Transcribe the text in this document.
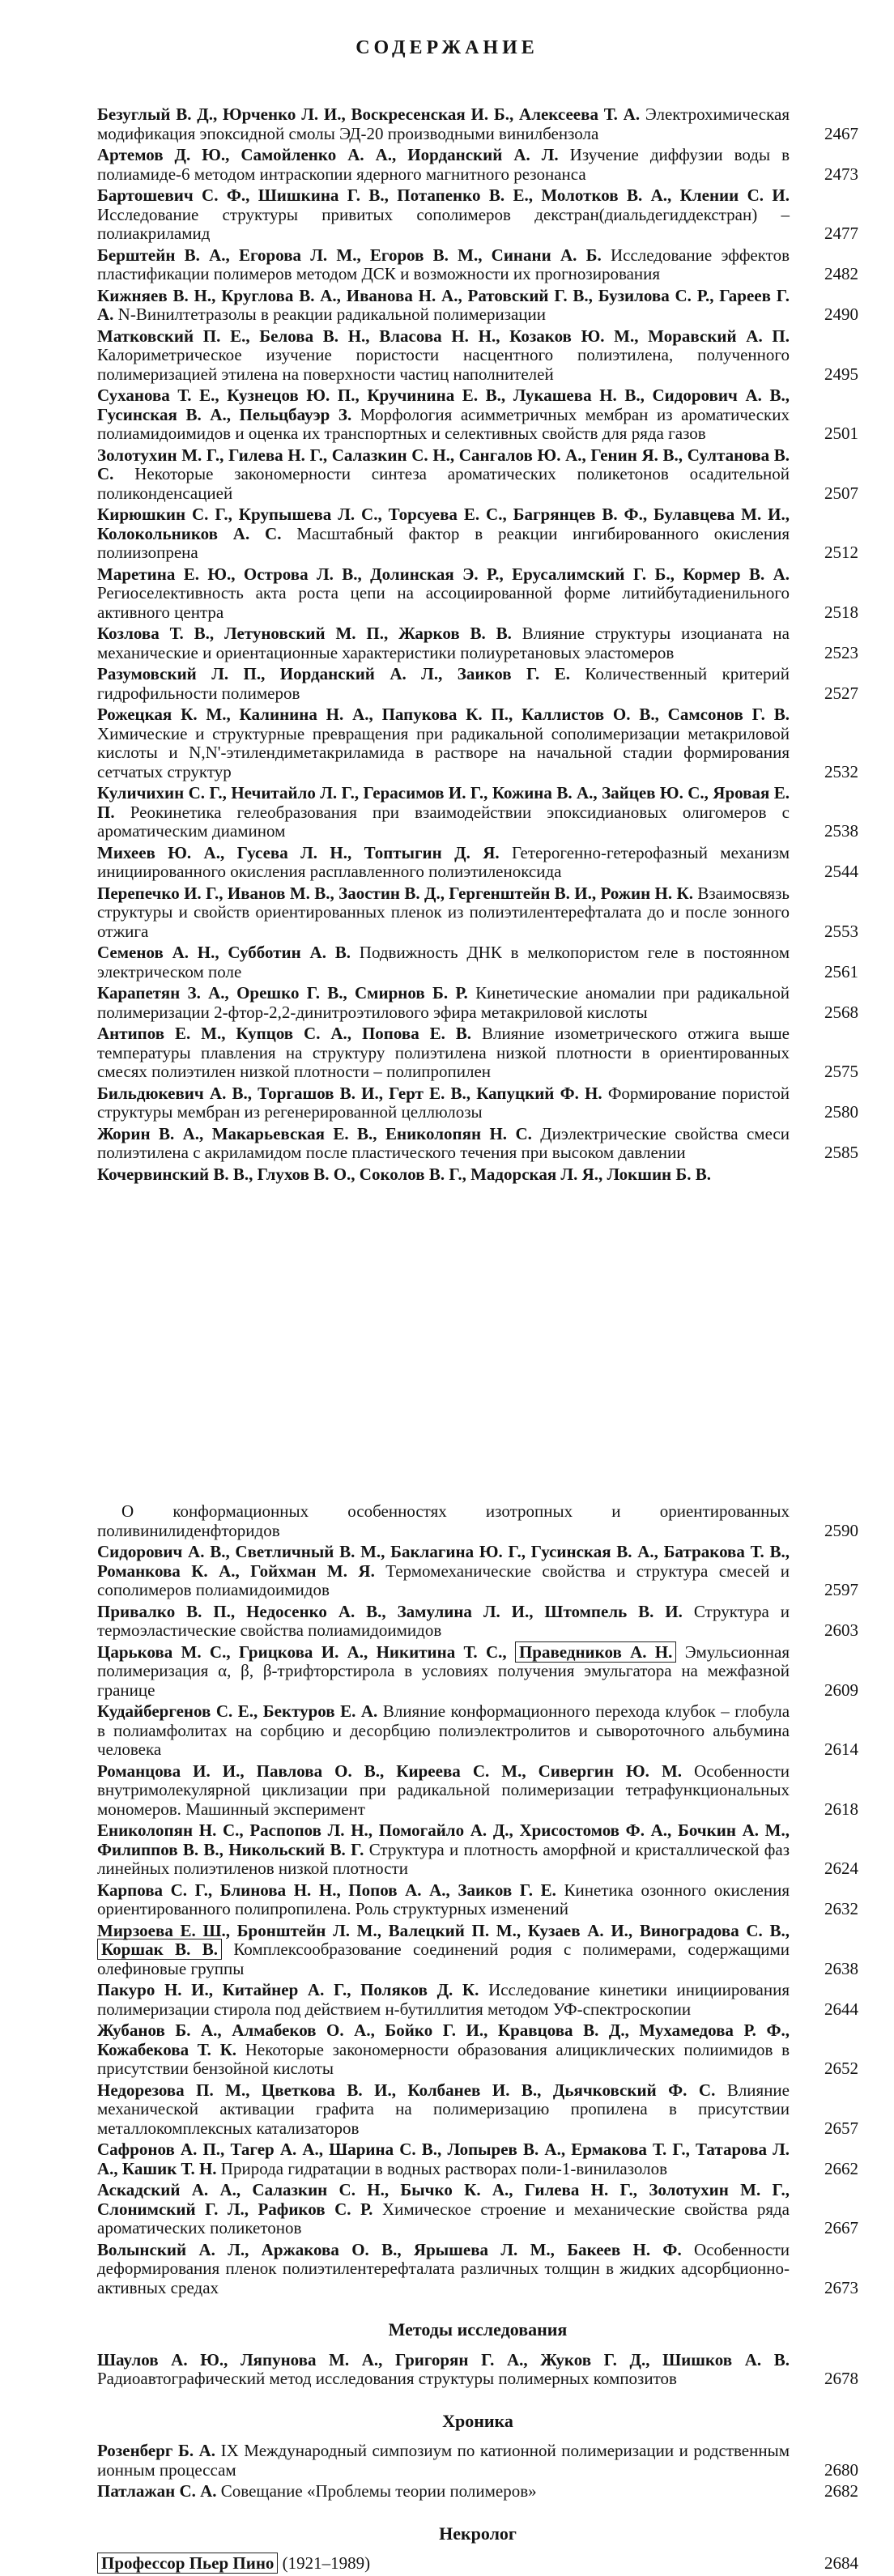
СОДЕРЖАНИЕ
Безуглый В. Д., Юрченко Л. И., Воскресенская И. Б., Алексеева Т. А. Электрохимическая модификация эпоксидной смолы ЭД-20 производными винилбензола	2467
Артемов Д. Ю., Самойленко А. А., Иорданский А. Л. Изучение диффузии воды в полиамиде-6 методом интраскопии ядерного магнитного резонанса	2473
Бартошевич С. Ф., Шишкина Г. В., Потапенко В. Е., Молотков В. А., Клении С. И. Исследование структуры привитых сополимеров декстран(диальдегиддекстран) – полиакриламид	2477
Берштейн В. А., Егорова Л. М., Егоров В. М., Синани А. Б. Исследование эффектов пластификации полимеров методом ДСК и возможности их прогнозирования	2482
Кижняев В. Н., Круглова В. А., Иванова Н. А., Ратовский Г. В., Бузилова С. Р., Гареев Г. А. N-Винилтетразолы в реакции радикальной полимеризации	2490
Матковский П. Е., Белова В. Н., Власова Н. Н., Козаков Ю. М., Моравский А. П. Калориметрическое изучение пористости насцентного полиэтилена, полученного полимеризацией этилена на поверхности частиц наполнителей	2495
Суханова Т. Е., Кузнецов Ю. П., Кручинина Е. В., Лукашева Н. В., Сидорович А. В., Гусинская В. А., Пельцбауэр З. Морфология асимметричных мембран из ароматических полиамидоимидов и оценка их транспортных и селективных свойств для ряда газов	2501
Золотухин М. Г., Гилева Н. Г., Салазкин С. Н., Сангалов Ю. А., Генин Я. В., Султанова В. С. Некоторые закономерности синтеза ароматических поликетонов осадительной поликонденсацией	2507
Кирюшкин С. Г., Крупышева Л. С., Торсуева Е. С., Багрянцев В. Ф., Булавцева М. И., Колокольников А. С. Масштабный фактор в реакции ингибированного окисления полиизопрена	2512
Маретина Е. Ю., Острова Л. В., Долинская Э. Р., Ерусалимский Г. Б., Кормер В. А. Региоселективность акта роста цепи на ассоциированной форме литийбутадиенильного активного центра	2518
Козлова Т. В., Летуновский М. П., Жарков В. В. Влияние структуры изоцианата на механические и ориентационные характеристики полиуретановых эластомеров	2523
Разумовский Л. П., Иорданский А. Л., Заиков Г. Е. Количественный критерий гидрофильности полимеров	2527
Рожецкая К. М., Калинина Н. А., Папукова К. П., Каллистов О. В., Самсонов Г. В. Химические и структурные превращения при радикальной сополимеризации метакриловой кислоты и N,N'-этилендиметакриламида в растворе на начальной стадии формирования сетчатых структур	2532
Куличихин С. Г., Нечитайло Л. Г., Герасимов И. Г., Кожина В. А., Зайцев Ю. С., Яровая Е. П. Реокинетика гелеобразования при взаимодействии эпоксидиановых олигомеров с ароматическим диамином	2538
Михеев Ю. А., Гусева Л. Н., Топтыгин Д. Я. Гетерогенно-гетерофазный механизм инициированного окисления расплавленного полиэтиленоксида	2544
Перепечко И. Г., Иванов М. В., Заостин В. Д., Гергенштейн В. И., Рожин Н. К. Взаимосвязь структуры и свойств ориентированных пленок из полиэтилентерефталата до и после зонного отжига	2553
Семенов А. Н., Субботин А. В. Подвижность ДНК в мелкопористом геле в постоянном электрическом поле	2561
Карапетян З. А., Орешко Г. В., Смирнов Б. Р. Кинетические аномалии при радикальной полимеризации 2-фтор-2,2-динитроэтилового эфира метакриловой кислоты	2568
Антипов Е. М., Купцов С. А., Попова Е. В. Влияние изометрического отжига выше температуры плавления на структуру полиэтилена низкой плотности в ориентированных смесях полиэтилен низкой плотности – полипропилен	2575
Бильдюкевич А. В., Торгашов В. И., Герт Е. В., Капуцкий Ф. Н. Формирование пористой структуры мембран из регенерированной целлюлозы	2580
Жорин В. А., Макарьевская Е. В., Ениколопян Н. С. Диэлектрические свойства смеси полиэтилена с акриламидом после пластического течения при высоком давлении	2585
Кочервинский В. В., Глухов В. О., Соколов В. Г., Мадорская Л. Я., Локшин Б. В.
О конформационных особенностях изотропных и ориентированных поливинилиденфторидов	2590
Сидорович А. В., Светличный В. М., Баклагина Ю. Г., Гусинская В. А., Батракова Т. В., Романкова К. А., Гойхман М. Я. Термомеханические свойства и структура смесей и сополимеров полиамидоимидов	2597
Привалко В. П., Недосенко А. В., Замулина Л. И., Штомпель В. И. Структура и термоэластические свойства полиамидоимидов	2603
Царькова М. С., Грицкова И. А., Никитина Т. С., Праведников А. Н. Эмульсионная полимеризация α, β, β-трифторстирола в условиях получения эмульгатора на межфазной границе	2609
Кудайбергенов С. Е., Бектуров Е. А. Влияние конформационного перехода клубок – глобула в полиамфолитах на сорбцию и десорбцию полиэлектролитов и сывороточного альбумина человека	2614
Романцова И. И., Павлова О. В., Киреева С. М., Сивергин Ю. М. Особенности внутримолекулярной циклизации при радикальной полимеризации тетрафункциональных мономеров. Машинный эксперимент	2618
Ениколопян Н. С., Распопов Л. Н., Помогайло А. Д., Хрисостомов Ф. А., Бочкин А. М., Филиппов В. В., Никольский В. Г. Структура и плотность аморфной и кристаллической фаз линейных полиэтиленов низкой плотности	2624
Карпова С. Г., Блинова Н. Н., Попов А. А., Заиков Г. Е. Кинетика озонного окисления ориентированного полипропилена. Роль структурных изменений	2632
Мирзоева Е. Ш., Бронштейн Л. М., Валецкий П. М., Кузаев А. И., Виноградова С. В., Коршак В. В. Комплексообразование соединений родия с полимерами, содержащими олефиновые группы	2638
Пакуро Н. И., Китайнер А. Г., Поляков Д. К. Исследование кинетики инициирования полимеризации стирола под действием н-бутиллития методом УФ-спектроскопии	2644
Жубанов Б. А., Алмабеков О. А., Бойко Г. И., Кравцова В. Д., Мухамедова Р. Ф., Кожабекова Т. К. Некоторые закономерности образования алициклических полиимидов в присутствии бензойной кислоты	2652
Недорезова П. М., Цветкова В. И., Колбанев И. В., Дьячковский Ф. С. Влияние механической активации графита на полимеризацию пропилена в присутствии металлокомплексных катализаторов	2657
Сафронов А. П., Тагер А. А., Шарина С. В., Лопырев В. А., Ермакова Т. Г., Татарова Л. А., Кашик Т. Н. Природа гидратации в водных растворах поли-1-винилазолов	2662
Аскадский А. А., Салазкин С. Н., Бычко К. А., Гилева Н. Г., Золотухин М. Г., Слонимский Г. Л., Рафиков С. Р. Химическое строение и механические свойства ряда ароматических поликетонов	2667
Волынский А. Л., Аржакова О. В., Ярышева Л. М., Бакеев Н. Ф. Особенности деформирования пленок полиэтилентерефталата различных толщин в жидких адсорбционно-активных средах	2673
Методы исследования
Шаулов А. Ю., Ляпунова М. А., Григорян Г. А., Жуков Г. Д., Шишков А. В. Радиоавтографический метод исследования структуры полимерных композитов	2678
Хроника
Розенберг Б. А. IX Международный симпозиум по катионной полимеризации и родственным ионным процессам	2680
Патлажан С. А. Совещание «Проблемы теории полимеров»	2682
Некролог
Профессор Пьер Пино (1921–1989)	2684
